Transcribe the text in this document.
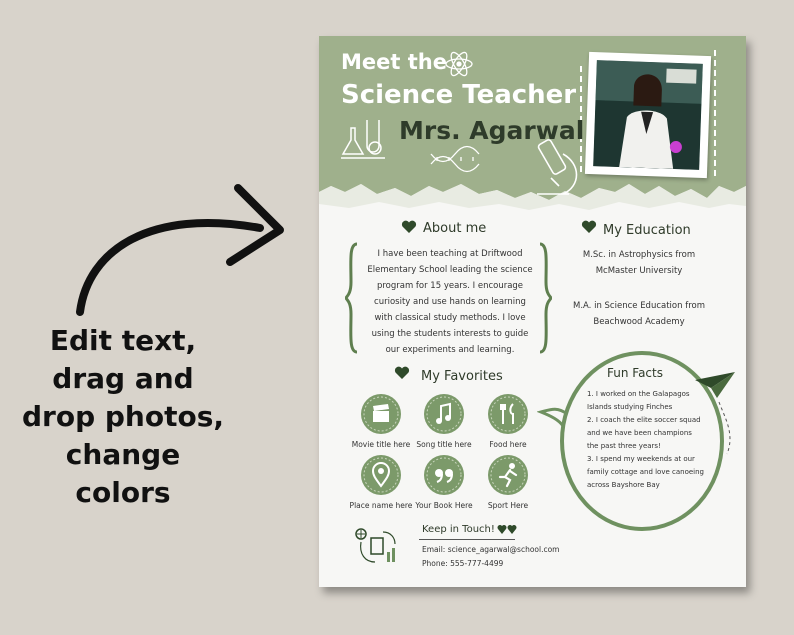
Edit text,
drag and
drop photos,
change
colors
Meet the
Science Teacher
Mrs. Agarwal
About me
I have been teaching at Driftwood Elementary School leading the science program for 15 years. I encourage curiosity and use hands on learning with classical study methods. I love using the students interests to guide our experiments and learning.
My Education
M.Sc. in Astrophysics from McMaster University
M.A. in Science Education from Beachwood Academy
My Favorites
Movie title here Song title here	Food here
Place name here Your Book Here	Sport Here
Fun Facts
1. I worked on the Galapagos Islands studying Finches
2. I coach the elite soccer squad and we have been champions the past three years!
3. I spend my weekends at our family cottage and love canoeing across Bayshore Bay
Keep in Touch!
Email: science_agarwal@school.com
Phone: 555-777-4499
